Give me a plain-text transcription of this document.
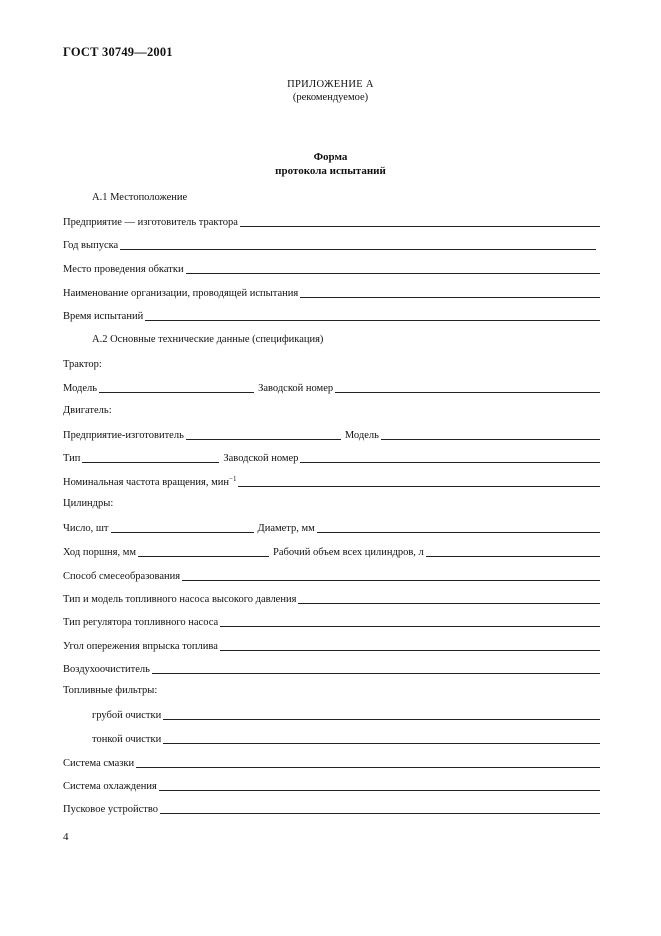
ГОСТ 30749—2001
ПРИЛОЖЕНИЕ А
(рекомендуемое)
Форма
протокола испытаний
А.1 Местоположение
Предприятие — изготовитель трактора
Год выпуска
Место проведения обкатки
Наименование организации, проводящей испытания
Время испытаний
А.2 Основные технические данные (спецификация)
Трактор:
Модель	Заводской номер
Двигатель:
Предприятие-изготовитель	Модель
Тип	Заводской номер
Номинальная частота вращения, мин$^{-1}$
Цилиндры:
Число, шт	Диаметр, мм
Ход поршня, мм	Рабочий объем всех цилиндров, л
Способ смесеобразования
Тип и модель топливного насоса высокого давления
Тип регулятора топливного насоса
Угол опережения впрыска топлива
Воздухоочиститель
Топливные фильтры:
грубой очистки
тонкой очистки
Система смазки
Система охлаждения
Пусковое устройство
4
